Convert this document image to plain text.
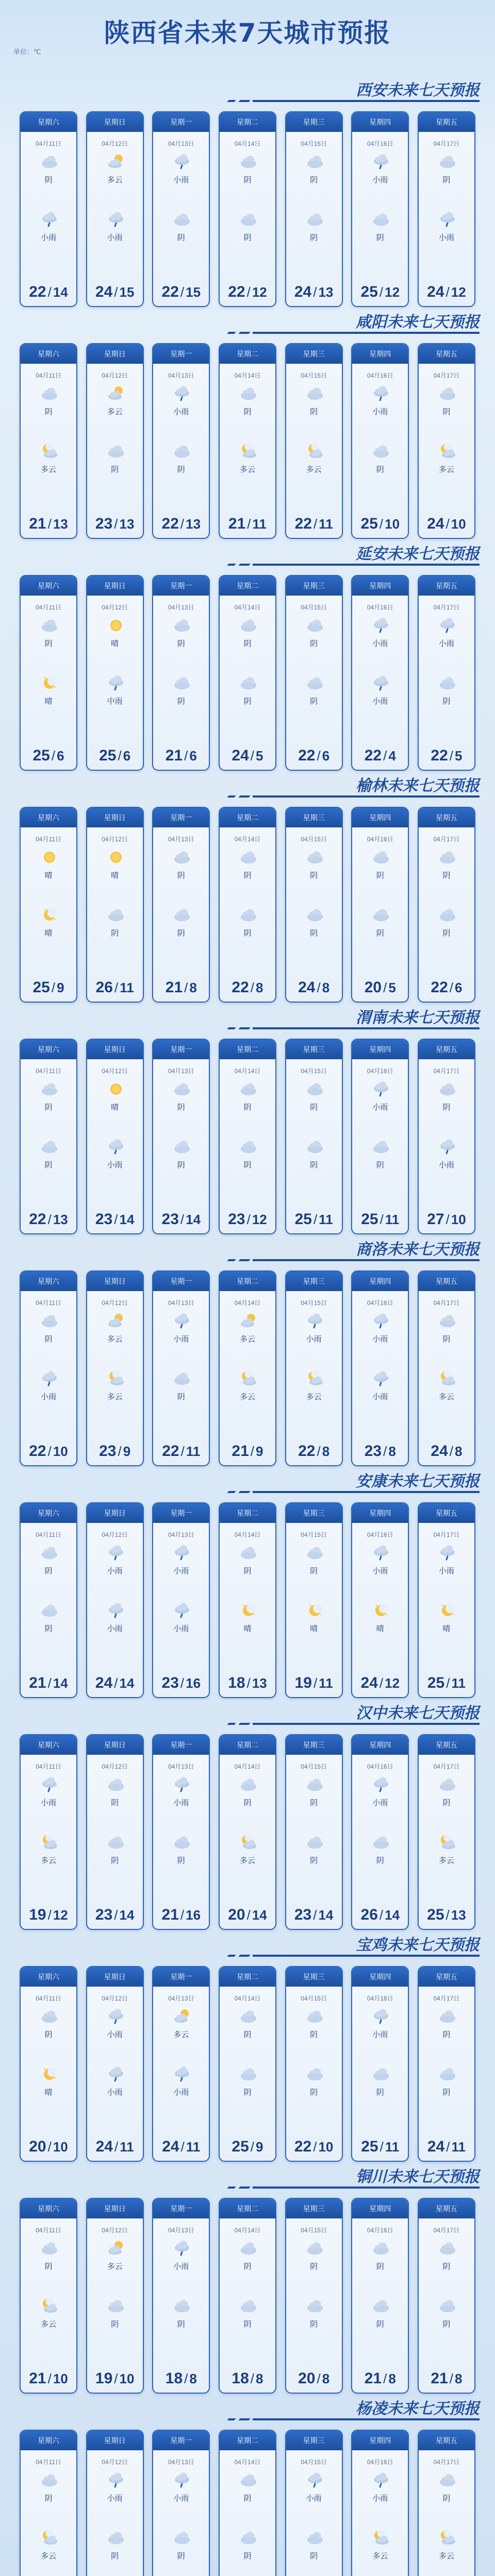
陕西省未来7天城市预报
单位：℃
西安未来七天预报
星期六
04月11日
阴
小雨
22 / 14
星期日
04月12日
多云
小雨
24 / 15
星期一
04月13日
小雨
阴
22 / 15
星期二
04月14日
阴
阴
22 / 12
星期三
04月15日
阴
阴
24 / 13
星期四
04月16日
小雨
阴
25 / 12
星期五
04月17日
阴
小雨
24 / 12
咸阳未来七天预报
星期六
04月11日
阴
多云
21 / 13
星期日
04月12日
多云
阴
23 / 13
星期一
04月13日
小雨
阴
22 / 13
星期二
04月14日
阴
多云
21 / 11
星期三
04月15日
阴
多云
22 / 11
星期四
04月16日
小雨
阴
25 / 10
星期五
04月17日
阴
多云
24 / 10
延安未来七天预报
星期六
04月11日
阴
晴
25 / 6
星期日
04月12日
晴
中雨
25 / 6
星期一
04月13日
阴
阴
21 / 6
星期二
04月14日
阴
阴
24 / 5
星期三
04月15日
阴
阴
22 / 6
星期四
04月16日
小雨
小雨
22 / 4
星期五
04月17日
小雨
阴
22 / 5
榆林未来七天预报
星期六
04月11日
晴
晴
25 / 9
星期日
04月12日
晴
阴
26 / 11
星期一
04月13日
阴
阴
21 / 8
星期二
04月14日
阴
阴
22 / 8
星期三
04月15日
阴
阴
24 / 8
星期四
04月16日
阴
阴
20 / 5
星期五
04月17日
阴
阴
22 / 6
渭南未来七天预报
星期六
04月11日
阴
阴
22 / 13
星期日
04月12日
晴
小雨
23 / 14
星期一
04月13日
阴
阴
23 / 14
星期二
04月14日
阴
阴
23 / 12
星期三
04月15日
阴
阴
25 / 11
星期四
04月16日
小雨
阴
25 / 11
星期五
04月17日
阴
小雨
27 / 10
商洛未来七天预报
星期六
04月11日
阴
小雨
22 / 10
星期日
04月12日
多云
多云
23 / 9
星期一
04月13日
小雨
阴
22 / 11
星期二
04月14日
多云
多云
21 / 9
星期三
04月15日
小雨
多云
22 / 8
星期四
04月16日
小雨
小雨
23 / 8
星期五
04月17日
阴
多云
24 / 8
安康未来七天预报
星期六
04月11日
阴
阴
21 / 14
星期日
04月12日
小雨
小雨
24 / 14
星期一
04月13日
小雨
小雨
23 / 16
星期二
04月14日
阴
晴
18 / 13
星期三
04月15日
阴
晴
19 / 11
星期四
04月16日
小雨
晴
24 / 12
星期五
04月17日
小雨
晴
25 / 11
汉中未来七天预报
星期六
04月11日
小雨
多云
19 / 12
星期日
04月12日
阴
阴
23 / 14
星期一
04月13日
小雨
阴
21 / 16
星期二
04月14日
阴
多云
20 / 14
星期三
04月15日
阴
阴
23 / 14
星期四
04月16日
小雨
阴
26 / 14
星期五
04月17日
阴
多云
25 / 13
宝鸡未来七天预报
星期六
04月11日
阴
晴
20 / 10
星期日
04月12日
小雨
小雨
24 / 11
星期一
04月13日
多云
小雨
24 / 11
星期二
04月14日
阴
阴
25 / 9
星期三
04月15日
阴
阴
22 / 10
星期四
04月16日
小雨
阴
25 / 11
星期五
04月17日
阴
阴
24 / 11
铜川未来七天预报
星期六
04月11日
阴
多云
21 / 10
星期日
04月12日
多云
阴
19 / 10
星期一
04月13日
小雨
阴
18 / 8
星期二
04月14日
阴
阴
18 / 8
星期三
04月15日
阴
阴
20 / 8
星期四
04月16日
阴
阴
21 / 8
星期五
04月17日
阴
阴
21 / 8
杨凌未来七天预报
星期六
04月11日
阴
多云
星期日
04月12日
小雨
阴
星期一
04月13日
小雨
阴
星期二
04月14日
阴
阴
星期三
04月15日
小雨
阴
星期四
04月16日
小雨
多云
星期五
04月17日
阴
多云
